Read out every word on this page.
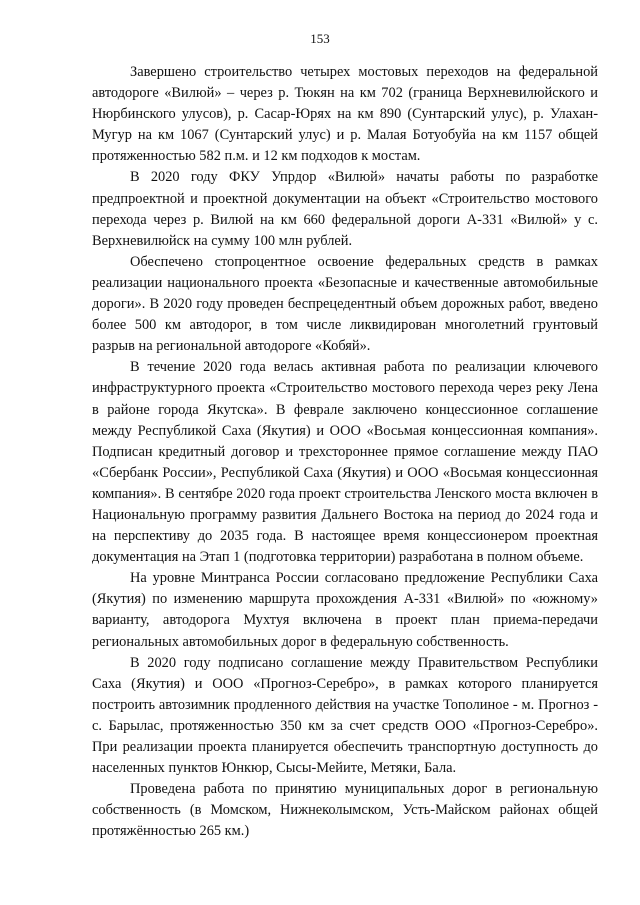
153

Завершено строительство четырех мостовых переходов на федеральной автодороге «Вилюй» – через р. Тюкян на км 702 (граница Верхневилюйского и Нюрбинского улусов), р. Сасар-Юрях на км 890 (Сунтарский улус), р. Улахан-Мугур на км 1067 (Сунтарский улус) и р. Малая Ботуобуйа на км 1157 общей протяженностью 582 п.м. и 12 км подходов к мостам.

В 2020 году ФКУ Упрдор «Вилюй» начаты работы по разработке предпроектной и проектной документации на объект «Строительство мостового перехода через р. Вилюй на км 660 федеральной дороги А-331 «Вилюй» у с. Верхневилюйск на сумму 100 млн рублей.

Обеспечено стопроцентное освоение федеральных средств в рамках реализации национального проекта «Безопасные и качественные автомобильные дороги». В 2020 году проведен беспрецедентный объем дорожных работ, введено более 500 км автодорог, в том числе ликвидирован многолетний грунтовый разрыв на региональной автодороге «Кобяй».

В течение 2020 года велась активная работа по реализации ключевого инфраструктурного проекта «Строительство мостового перехода через реку Лена в районе города Якутска». В феврале заключено концессионное соглашение между Республикой Саха (Якутия) и ООО «Восьмая концессионная компания». Подписан кредитный договор и трехстороннее прямое соглашение между ПАО «Сбербанк России», Республикой Саха (Якутия) и ООО «Восьмая концессионная компания». В сентябре 2020 года проект строительства Ленского моста включен в Национальную программу развития Дальнего Востока на период до 2024 года и на перспективу до 2035 года. В настоящее время концессионером проектная документация на Этап 1 (подготовка территории) разработана в полном объеме.

На уровне Минтранса России согласовано предложение Республики Саха (Якутия) по изменению маршрута прохождения А-331 «Вилюй» по «южному» варианту, автодорога Мухтуя включена в проект план приема-передачи региональных автомобильных дорог в федеральную собственность.

В 2020 году подписано соглашение между Правительством Республики Саха (Якутия) и ООО «Прогноз-Серебро», в рамках которого планируется построить автозимник продленного действия на участке Тополиное - м. Прогноз - с. Барылас, протяженностью 350 км за счет средств ООО «Прогноз-Серебро». При реализации проекта планируется обеспечить транспортную доступность до населенных пунктов Юнкюр, Сысы-Мейите, Метяки, Бала.

Проведена работа по принятию муниципальных дорог в региональную собственность (в Момском, Нижнеколымском, Усть-Майском районах общей протяжённостью 265 км.)
